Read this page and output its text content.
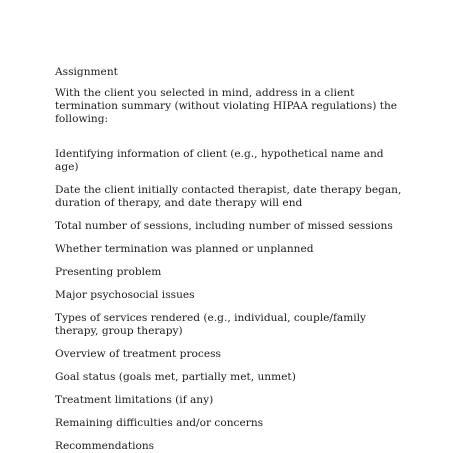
Assignment
With the client you selected in mind, address in a client termination summary (without violating HIPAA regulations) the following:
Identifying information of client (e.g., hypothetical name and age)
Date the client initially contacted therapist, date therapy began, duration of therapy, and date therapy will end
Total number of sessions, including number of missed sessions
Whether termination was planned or unplanned
Presenting problem
Major psychosocial issues
Types of services rendered (e.g., individual, couple/family therapy, group therapy)
Overview of treatment process
Goal status (goals met, partially met, unmet)
Treatment limitations (if any)
Remaining difficulties and/or concerns
Recommendations
